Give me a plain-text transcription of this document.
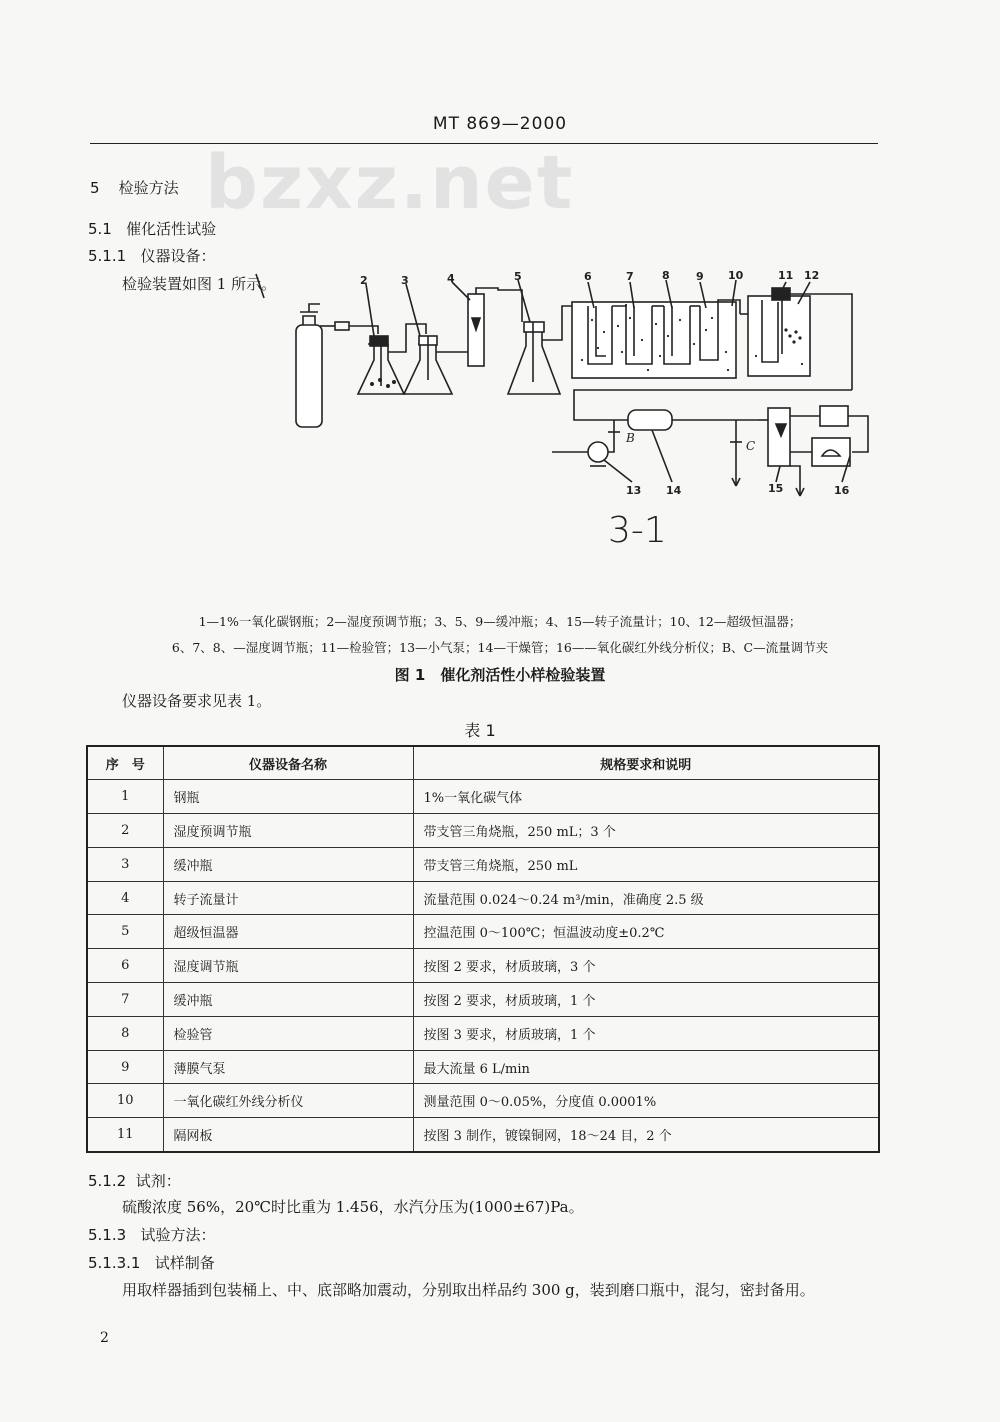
MT 869—2000
bzxz.net
5 检验方法
5.1 催化活性试验
5.1.1 仪器设备：
检验装置如图 1 所示。	2	3	4	5	6	7	8 9 10	11 12
13 14	15	16
B
C
3-1
1—1%一氧化碳钢瓶；2—湿度预调节瓶；3、5、9—缓冲瓶；4、15—转子流量计；10、12—超级恒温器；
6、7、8、—湿度调节瓶；11—检验管；13—小气泵；14—干燥管；16——氧化碳红外线分析仪；B、C—流量调节夹
图 1　催化剂活性小样检验装置
仪器设备要求见表 1。
表 1
序　号	仪器设备名称	规格要求和说明
1	钢瓶	1%一氧化碳气体
2	湿度预调节瓶	带支管三角烧瓶，250 mL；3 个
3	缓冲瓶	带支管三角烧瓶，250 mL
4	转子流量计	流量范围 0.024～0.24 m³/min，准确度 2.5 级
5	超级恒温器	控温范围 0～100℃；恒温波动度±0.2℃
6	湿度调节瓶	按图 2 要求，材质玻璃，3 个
7	缓冲瓶	按图 2 要求，材质玻璃，1 个
8	检验管	按图 3 要求，材质玻璃，1 个
9	薄膜气泵	最大流量 6 L/min
10	一氧化碳红外线分析仪	测量范围 0～0.05%，分度值 0.0001%
11	隔网板	按图 3 制作，镀镍铜网，18～24 目，2 个
5.1.2 试剂：
硫酸浓度 56%，20℃时比重为 1.456，水汽分压为(1000±67)Pa。
5.1.3 试验方法：
5.1.3.1 试样制备
用取样器插到包装桶上、中、底部略加震动，分别取出样品约 300 g，装到磨口瓶中，混匀，密封备用。
2
